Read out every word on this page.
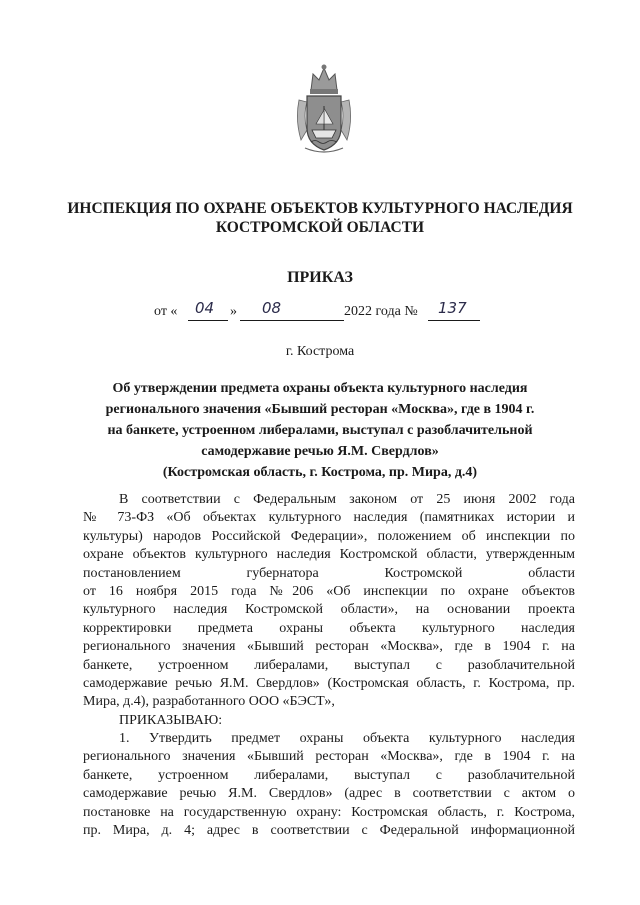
ИНСПЕКЦИЯ ПО ОХРАНЕ ОБЪЕКТОВ КУЛЬТУРНОГО НАСЛЕДИЯ
КОСТРОМСКОЙ ОБЛАСТИ
ПРИКАЗ
от « 04 » 08	2022 года № 137
г. Кострома
Об утверждении предмета охраны объекта культурного наследия
регионального значения «Бывший ресторан «Москва», где в 1904 г.
на банкете, устроенном либералами, выступал с разоблачительной
самодержавие речью Я.М. Свердлов»
(Костромская область, г. Кострома, пр. Мира, д.4)
В соответствии с Федеральным законом от 25 июня 2002 года
№ 73-ФЗ «Об объектах культурного наследия (памятниках истории и
культуры) народов Российской Федерации», положением об инспекции по
охране объектов культурного наследия Костромской области, утвержденным
постановлением губернатора Костромской области
от 16 ноября 2015 года №206 «Об инспекции по охране объектов
культурного наследия Костромской области», на основании проекта
корректировки предмета охраны объекта культурного наследия
регионального значения «Бывший ресторан «Москва», где в 1904 г. на
банкете, устроенном либералами, выступал с разоблачительной
самодержавие речью Я.М. Свердлов» (Костромская область, г. Кострома, пр.
Мира, д.4), разработанного ООО «БЭСТ»,
ПРИКАЗЫВАЮ:
1. Утвердить предмет охраны объекта культурного наследия
регионального значения «Бывший ресторан «Москва», где в 1904 г. на
банкете, устроенном либералами, выступал с разоблачительной
самодержавие речью Я.М. Свердлов» (адрес в соответствии с актом о
постановке на государственную охрану: Костромская область, г. Кострома,
пр. Мира, д. 4; адрес в соответствии с Федеральной информационной
